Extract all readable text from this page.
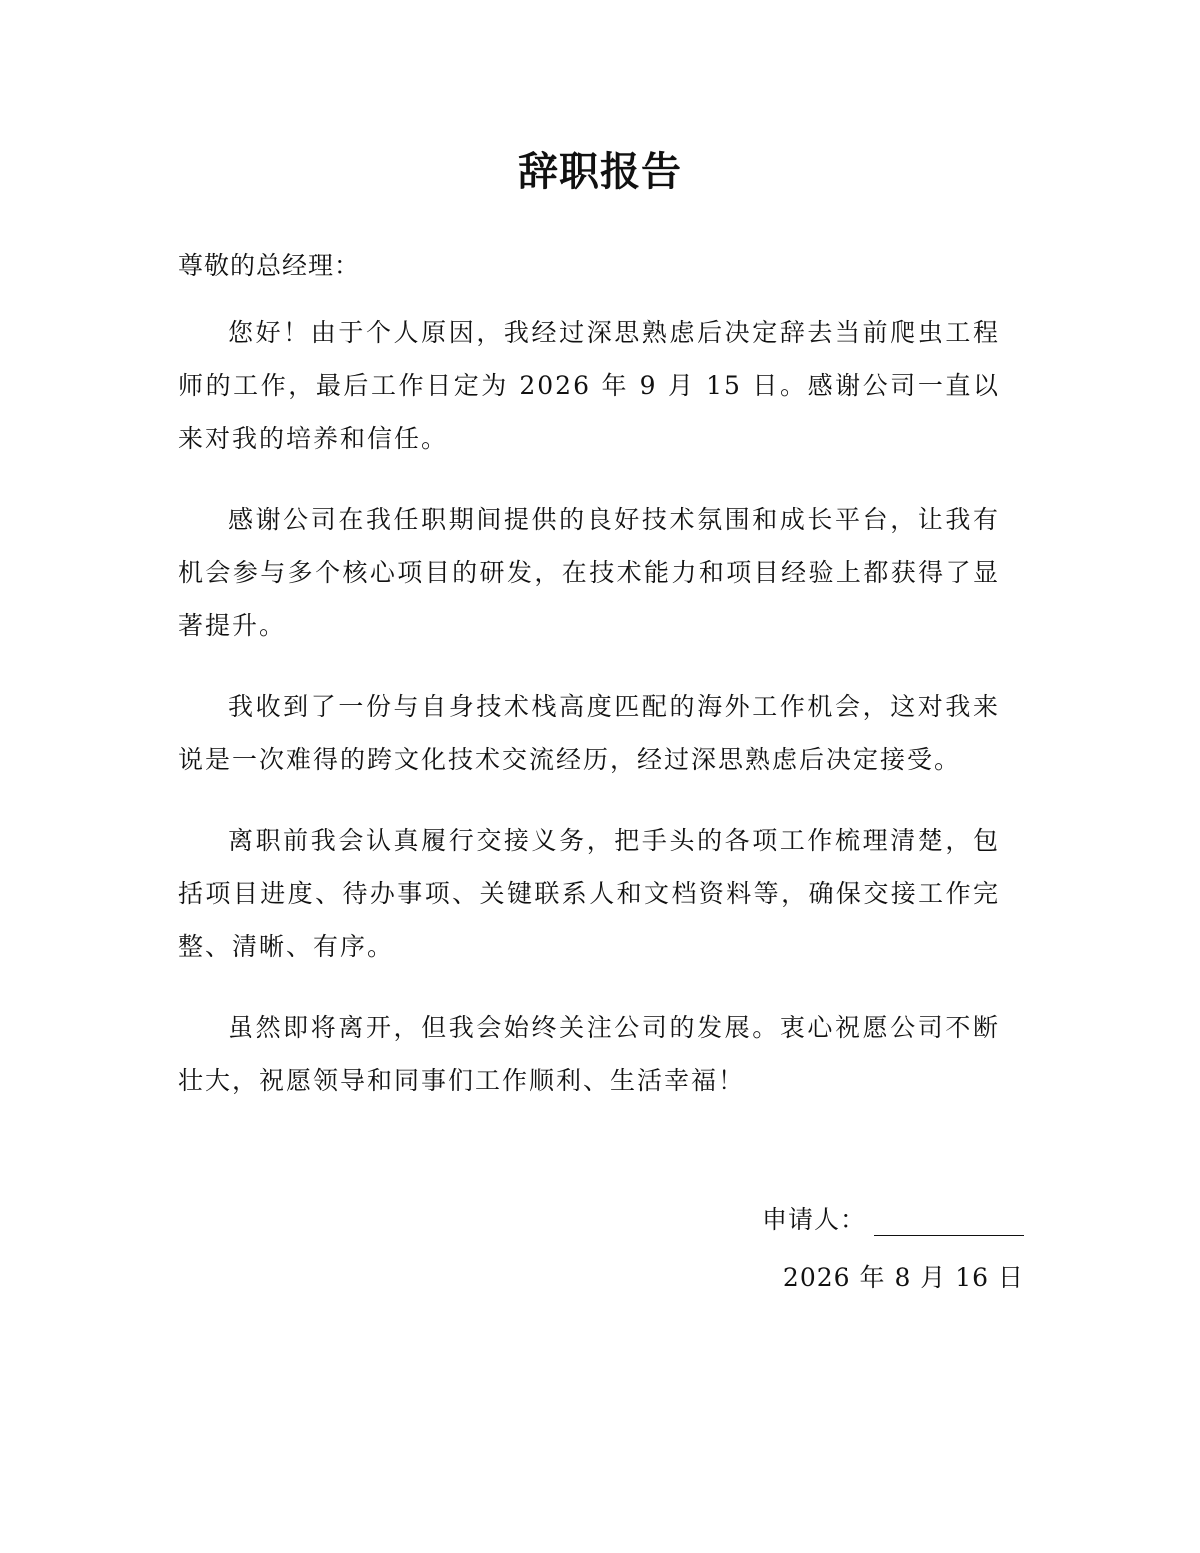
辞职报告

尊敬的总经理：

您好！由于个人原因，我经过深思熟虑后决定辞去当前爬虫工程师的工作，最后工作日定为 2026 年 9 月 15 日。感谢公司一直以来对我的培养和信任。

感谢公司在我任职期间提供的良好技术氛围和成长平台，让我有机会参与多个核心项目的研发，在技术能力和项目经验上都获得了显著提升。

我收到了一份与自身技术栈高度匹配的海外工作机会，这对我来说是一次难得的跨文化技术交流经历，经过深思熟虑后决定接受。

离职前我会认真履行交接义务，把手头的各项工作梳理清楚，包括项目进度、待办事项、关键联系人和文档资料等，确保交接工作完整、清晰、有序。

虽然即将离开，但我会始终关注公司的发展。衷心祝愿公司不断壮大，祝愿领导和同事们工作顺利、生活幸福！

申请人：
2026 年 8 月 16 日
